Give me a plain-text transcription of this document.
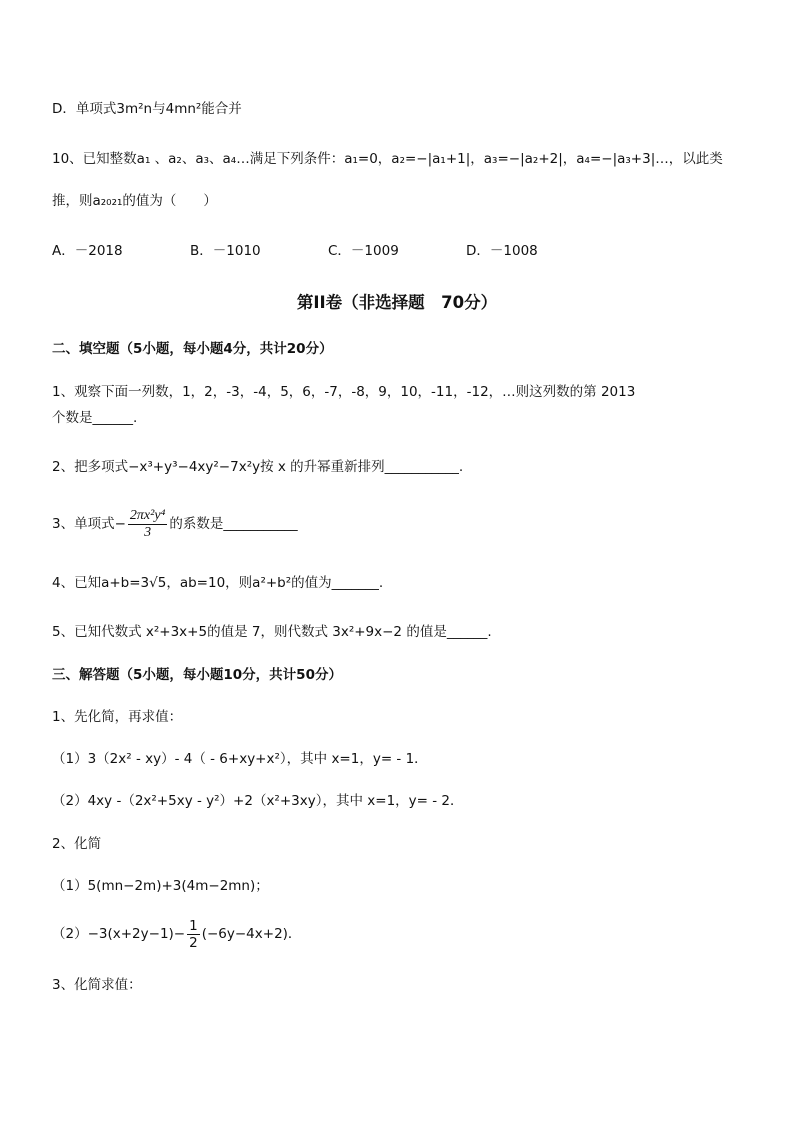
D．单项式3m²n与4mn²能合并
10、已知整数a₁ 、a₂、a₃、a₄…满足下列条件：a₁=0，a₂=−|a₁+1|，a₃=−|a₂+2|，a₄=−|a₃+3|…，以此类
推，则a₂₀₂₁的值为（　　）
A．－2018	B．－1010	C．－1009	D．－1008
第II卷（非选择题　70分）
二、填空题（5小题，每小题4分，共计20分）
1、观察下面一列数，1，2，-3，-4，5，6，-7，-8，9，10，-11，-12，…则这列数的第 2013
个数是______.
2、把多项式−x³+y³−4xy²−7x²y按 x 的升幂重新排列___________.
3、单项式− $\frac{\text{2πx²y⁴}}{3}$ 的系数是___________
4、已知a+b=3√5，ab=10，则a²+b²的值为_______.
5、已知代数式 x²+3x+5的值是 7，则代数式 3x²+9x−2 的值是______.
三、解答题（5小题，每小题10分，共计50分）
1、先化简，再求值：
（1）3（2x² - xy）- 4（ - 6+xy+x²），其中 x=1，y= - 1．
（2）4xy -（2x²+5xy - y²）+2（x²+3xy），其中 x=1，y= - 2．
2、化简
（1）5(mn−2m)+3(4m−2mn)；
$(2)-3(x+2y-1)- \frac{1}{2} (-6y-4x+2)$．
3、化简求值：
